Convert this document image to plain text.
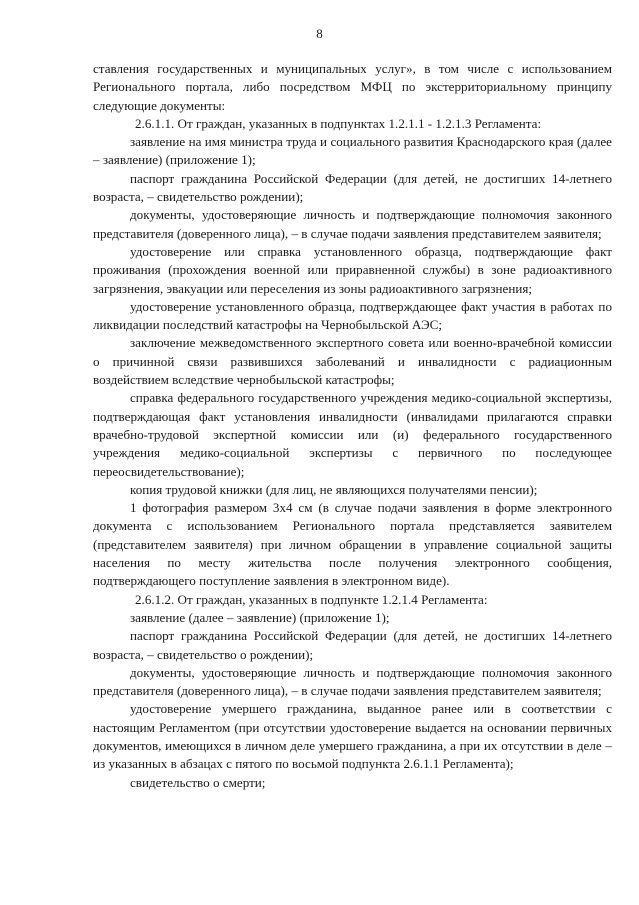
8

ставления государственных и муниципальных услуг», в том числе с использованием Регионального портала, либо посредством МФЦ по экстерриториальному принципу следующие документы:

2.6.1.1. От граждан, указанных в подпунктах 1.2.1.1 - 1.2.1.3 Регламента:

заявление на имя министра труда и социального развития Краснодарского края (далее – заявление) (приложение 1);

паспорт гражданина Российской Федерации (для детей, не достигших 14-летнего возраста, – свидетельство рождении);

документы, удостоверяющие личность и подтверждающие полномочия законного представителя (доверенного лица), – в случае подачи заявления представителем заявителя;

удостоверение или справка установленного образца, подтверждающие факт проживания (прохождения военной или приравненной службы) в зоне радиоактивного загрязнения, эвакуации или переселения из зоны радиоактивного загрязнения;

удостоверение установленного образца, подтверждающее факт участия в работах по ликвидации последствий катастрофы на Чернобыльской АЭС;

заключение межведомственного экспертного совета или военно-врачебной комиссии о причинной связи развившихся заболеваний и инвалидности с радиационным воздействием вследствие чернобыльской катастрофы;

справка федерального государственного учреждения медико-социальной экспертизы, подтверждающая факт установления инвалидности (инвалидами прилагаются справки врачебно-трудовой экспертной комиссии или (и) федерального государственного учреждения медико-социальной экспертизы с первичного по последующее переосвидетельствование);

копия трудовой книжки (для лиц, не являющихся получателями пенсии);

1 фотография размером 3х4 см (в случае подачи заявления в форме электронного документа с использованием Регионального портала представляется заявителем (представителем заявителя) при личном обращении в управление социальной защиты населения по месту жительства после получения электронного сообщения, подтверждающего поступление заявления в электронном виде).

2.6.1.2. От граждан, указанных в подпункте 1.2.1.4 Регламента:

заявление (далее – заявление) (приложение 1);

паспорт гражданина Российской Федерации (для детей, не достигших 14-летнего возраста, – свидетельство о рождении);

документы, удостоверяющие личность и подтверждающие полномочия законного представителя (доверенного лица), – в случае подачи заявления представителем заявителя;

удостоверение умершего гражданина, выданное ранее или в соответствии с настоящим Регламентом (при отсутствии удостоверение выдается на основании первичных документов, имеющихся в личном деле умершего гражданина, а при их отсутствии в деле – из указанных в абзацах с пятого по восьмой подпункта 2.6.1.1 Регламента);

свидетельство о смерти;
